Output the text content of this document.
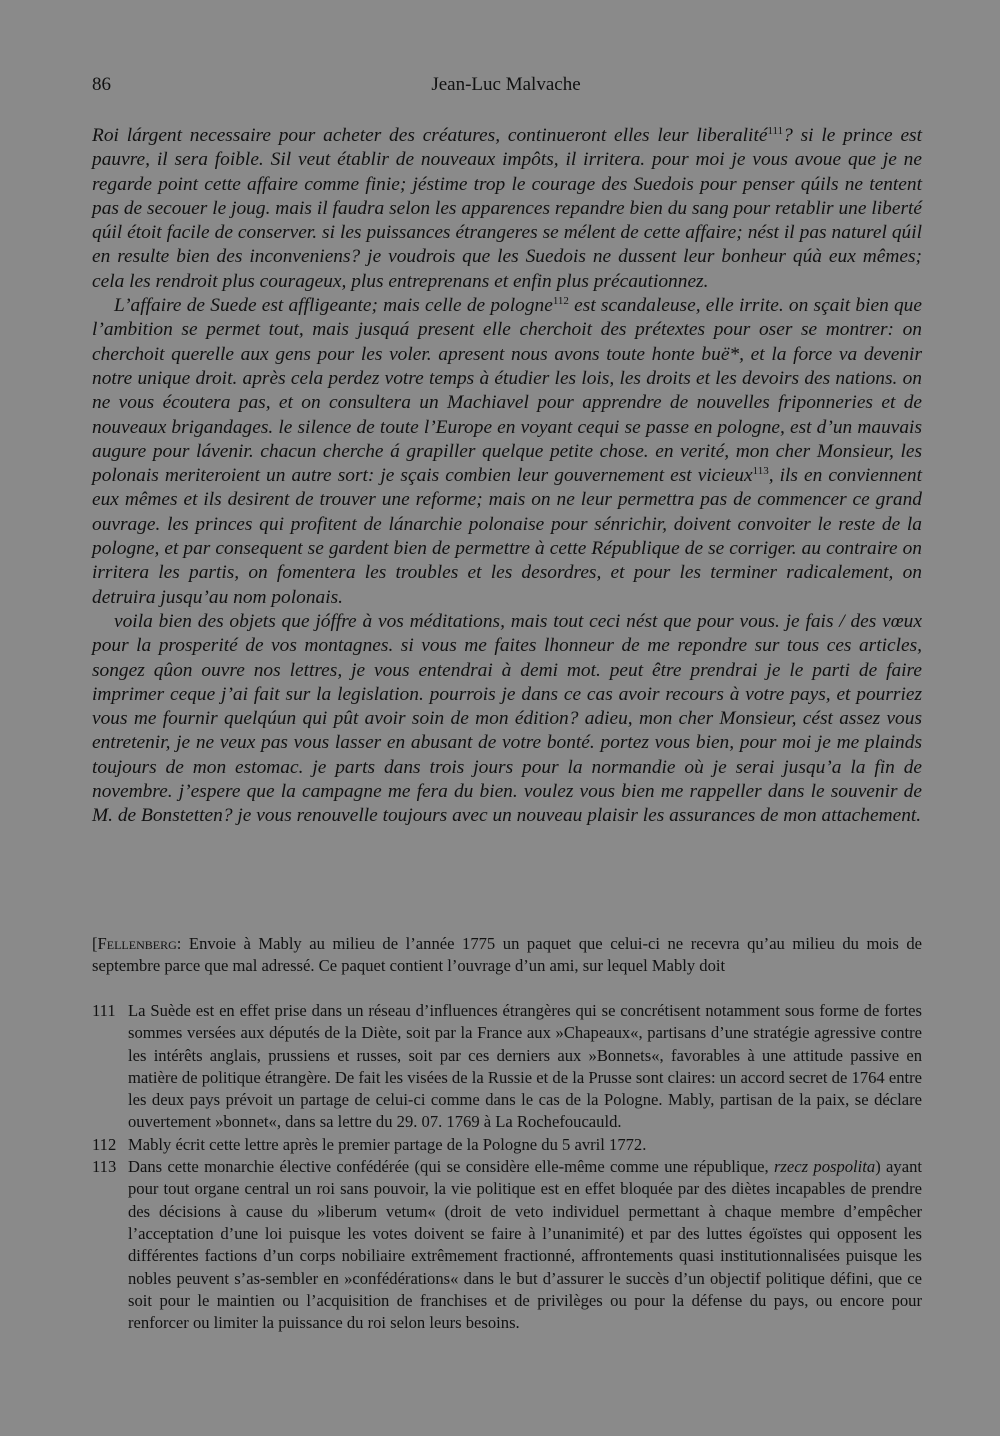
86	Jean-Luc Malvache

Roi lárgent necessaire pour acheter des créatures, continueront elles leur liberalité$^{111}$? si le prince est pauvre, il sera foible. Sil veut établir de nouveaux impôts, il irritera. pour moi je vous avoue que je ne regarde point cette affaire comme finie; jéstime trop le courage des Suedois pour penser qúils ne tentent pas de secouer le joug. mais il faudra selon les apparences repandre bien du sang pour retablir une liberté qúil étoit facile de conserver. si les puissances étrangeres se mélent de cette affaire; nést il pas naturel qúil en resulte bien des inconveniens? je voudrois que les Suedois ne dussent leur bonheur qúà eux mêmes; cela les rendroit plus courageux, plus entreprenans et enfin plus précautionnez.

L’affaire de Suede est affligeante; mais celle de pologne$^{112}$ est scandaleuse, elle irrite. on sçait bien que l’ambition se permet tout, mais jusquá present elle cherchoit des prétextes pour oser se montrer: on cherchoit querelle aux gens pour les voler. apresent nous avons toute honte buë*, et la force va devenir notre unique droit. après cela perdez votre temps à étudier les lois, les droits et les devoirs des nations. on ne vous écoutera pas, et on consultera un Machiavel pour apprendre de nouvelles friponneries et de nouveaux brigandages. le silence de toute l’Europe en voyant cequi se passe en pologne, est d’un mauvais augure pour lávenir. chacun cherche á grapiller quelque petite chose. en verité, mon cher Monsieur, les polonais meriteroient un autre sort: je sçais combien leur gouvernement est vicieux$^{113}$, ils en conviennent eux mêmes et ils desirent de trouver une reforme; mais on ne leur permettra pas de commencer ce grand ouvrage. les princes qui profitent de lánarchie polonaise pour sénrichir, doivent convoiter le reste de la pologne, et par consequent se gardent bien de permettre à cette République de se corriger. au contraire on irritera les partis, on fomentera les troubles et les desordres, et pour les terminer radicalement, on detruira jusqu’au nom polonais.

voila bien des objets que jóffre à vos méditations, mais tout ceci nést que pour vous. je fais / des vœux pour la prosperité de vos montagnes. si vous me faites lhonneur de me repondre sur tous ces articles, songez qûon ouvre nos lettres, je vous entendrai à demi mot. peut être prendrai je le parti de faire imprimer ceque j’ai fait sur la legislation. pourrois je dans ce cas avoir recours à votre pays, et pourriez vous me fournir quelqúun qui pût avoir soin de mon édition? adieu, mon cher Monsieur, cést assez vous entretenir, je ne veux pas vous lasser en abusant de votre bonté. portez vous bien, pour moi je me plainds toujours de mon estomac. je parts dans trois jours pour la normandie où je serai jusqu’a la fin de novembre. j’espere que la campagne me fera du bien. voulez vous bien me rappeller dans le souvenir de M. de Bonstetten? je vous renouvelle toujours avec un nouveau plaisir les assurances de mon attachement.

[Fellenberg: Envoie à Mably au milieu de l’année 1775 un paquet que celui-ci ne recevra qu’au milieu du mois de septembre parce que mal adressé. Ce paquet contient l’ouvrage d’un ami, sur lequel Mably doit

111 La Suède est en effet prise dans un réseau d’influences étrangères qui se concrétisent notamment sous forme de fortes sommes versées aux députés de la Diète, soit par la France aux »Chapeaux«, partisans d’une stratégie agressive contre les intérêts anglais, prussiens et russes, soit par ces derniers aux »Bonnets«, favorables à une attitude passive en matière de politique étrangère. De fait les visées de la Russie et de la Prusse sont claires: un accord secret de 1764 entre les deux pays prévoit un partage de celui-ci comme dans le cas de la Pologne. Mably, partisan de la paix, se déclare ouvertement »bonnet«, dans sa lettre du 29. 07. 1769 à La Rochefoucauld.
112 Mably écrit cette lettre après le premier partage de la Pologne du 5 avril 1772.
113 Dans cette monarchie élective confédérée (qui se considère elle-même comme une république, rzecz pospolita) ayant pour tout organe central un roi sans pouvoir, la vie politique est en effet bloquée par des diètes incapables de prendre des décisions à cause du »liberum vetum« (droit de veto individuel permettant à chaque membre d’empêcher l’acceptation d’une loi puisque les votes doivent se faire à l’unanimité) et par des luttes égoïstes qui opposent les différentes factions d’un corps nobiliaire extrêmement fractionné, affrontements quasi institutionnalisées puisque les nobles peuvent s’as-sembler en »confédérations« dans le but d’assurer le succès d’un objectif politique défini, que ce soit pour le maintien ou l’acquisition de franchises et de privilèges ou pour la défense du pays, ou encore pour renforcer ou limiter la puissance du roi selon leurs besoins.
